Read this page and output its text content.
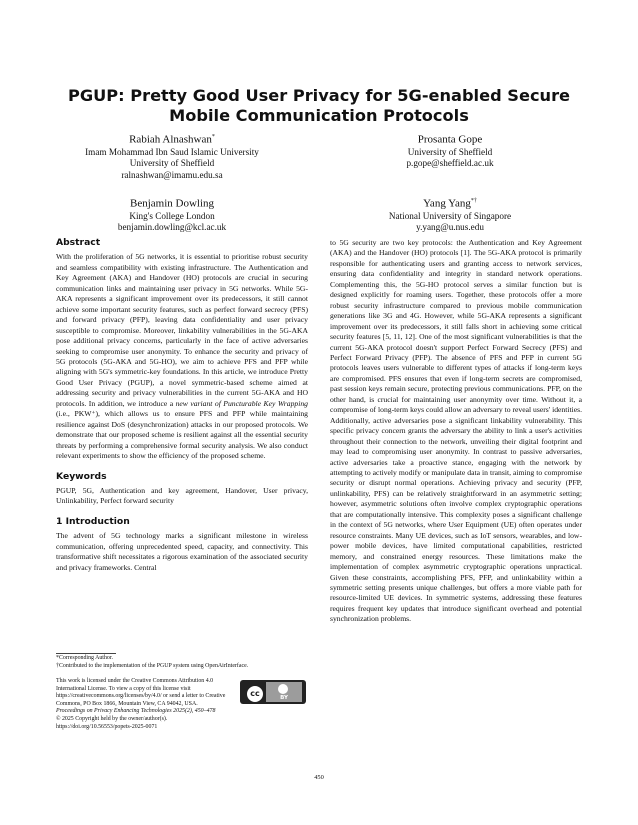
PGUP: Pretty Good User Privacy for 5G-enabled Secure Mobile Communication Protocols
Rabiah Alnashwan*
Imam Mohammad Ibn Saud Islamic University
University of Sheffield
ralnashwan@imamu.edu.sa
Prosanta Gope
University of Sheffield
p.gope@sheffield.ac.uk
Benjamin Dowling
King's College London
benjamin.dowling@kcl.ac.uk
Yang Yang*†
National University of Singapore
y.yang@u.nus.edu
Abstract

With the proliferation of 5G networks, it is essential to prioritise robust security and seamless compatibility with existing infrastructure. The Authentication and Key Agreement (AKA) and Handover (HO) protocols are crucial in securing communication links and maintaining user privacy in 5G networks. While 5G-AKA represents a significant improvement over its predecessors, it still cannot achieve some important security features, such as perfect forward secrecy (PFS) and forward privacy (PFP), leaving data confidentiality and user privacy susceptible to compromise. Moreover, linkability vulnerabilities in the 5G-AKA pose additional privacy concerns, particularly in the face of active adversaries seeking to compromise user anonymity. To enhance the security and privacy of 5G protocols (5G-AKA and 5G-HO), we aim to achieve PFS and PFP while aligning with 5G's symmetric-key foundations. In this article, we introduce Pretty Good User Privacy (PGUP), a novel symmetric-based scheme aimed at addressing security and privacy vulnerabilities in the current 5G-AKA and HO protocols. In addition, we introduce a new variant of Puncturable Key Wrapping (i.e., PKW⁺), which allows us to ensure PFS and PFP while maintaining resilience against DoS (desynchronization) attacks in our proposed protocols. We demonstrate that our proposed scheme is resilient against all the essential security threats by performing a comprehensive formal security analysis. We also conduct relevant experiments to show the efficiency of the proposed scheme.

Keywords

PGUP, 5G, Authentication and key agreement, Handover, User privacy, Unlinkability, Perfect forward security

1 Introduction

The advent of 5G technology marks a significant milestone in wireless communication, offering unprecedented speed, capacity, and connectivity. This transformative shift necessitates a rigorous examination of the associated security and privacy frameworks. Central

*Corresponding Author.

†Contributed to the implementation of the PGUP system using OpenAirInterface.

This work is licensed under the Creative Commons Attribution 4.0 International License. To view a copy of this license visit https://creativecommons.org/licenses/by/4.0/ or send a letter to Creative Commons, PO Box 1866, Mountain View, CA 94042, USA.
Proceedings on Privacy Enhancing Technologies 2025(2), 450–478
© 2025 Copyright held by the owner/author(s).
https://doi.org/10.56553/popets-2025-0071
cc	BY

to 5G security are two key protocols: the Authentication and Key Agreement (AKA) and the Handover (HO) protocols [1]. The 5G-AKA protocol is primarily responsible for authenticating users and granting access to network services, ensuring data confidentiality and integrity in standard network operations. Complementing this, the 5G-HO protocol serves a similar function but is designed explicitly for roaming users. Together, these protocols offer a more robust security infrastructure compared to previous mobile communication generations like 3G and 4G. However, while 5G-AKA represents a significant improvement over its predecessors, it still falls short in achieving some critical security features [5, 11, 12]. One of the most significant vulnerabilities is that the current 5G-AKA protocol doesn't support Perfect Forward Secrecy (PFS) and Perfect Forward Privacy (PFP). The absence of PFS and PFP in current 5G protocols leaves users vulnerable to different types of attacks if long-term keys are compromised. PFS ensures that even if long-term secrets are compromised, past session keys remain secure, protecting previous communications. PFP, on the other hand, is crucial for maintaining user anonymity over time. Without it, a compromise of long-term keys could allow an adversary to reveal users' identities. Additionally, active adversaries pose a significant linkability vulnerability. This specific privacy concern grants the adversary the ability to link a user's activities throughout their connection to the network, unveiling their digital footprint and may lead to compromising user anonymity. In contrast to passive adversaries, active adversaries take a proactive stance, engaging with the network by attempting to actively modify or manipulate data in transit, aiming to compromise security or disrupt normal operations. Achieving privacy and security (PFP, unlinkability, PFS) can be relatively straightforward in an asymmetric setting; however, asymmetric solutions often involve complex cryptographic operations that are computationally intensive. This complexity poses a significant challenge in the context of 5G networks, where User Equipment (UE) often operates under resource constraints. Many UE devices, such as IoT sensors, wearables, and low-power mobile devices, have limited computational capabilities, restricted memory, and constrained energy resources. These limitations make the implementation of complex asymmetric cryptographic operations unpractical. Given these constraints, accomplishing PFS, PFP, and unlinkability within a symmetric setting presents unique challenges, but offers a more viable path for resource-limited UE devices. In symmetric systems, addressing these features requires frequent key updates that introduce significant overhead and potential synchronization problems.

450
